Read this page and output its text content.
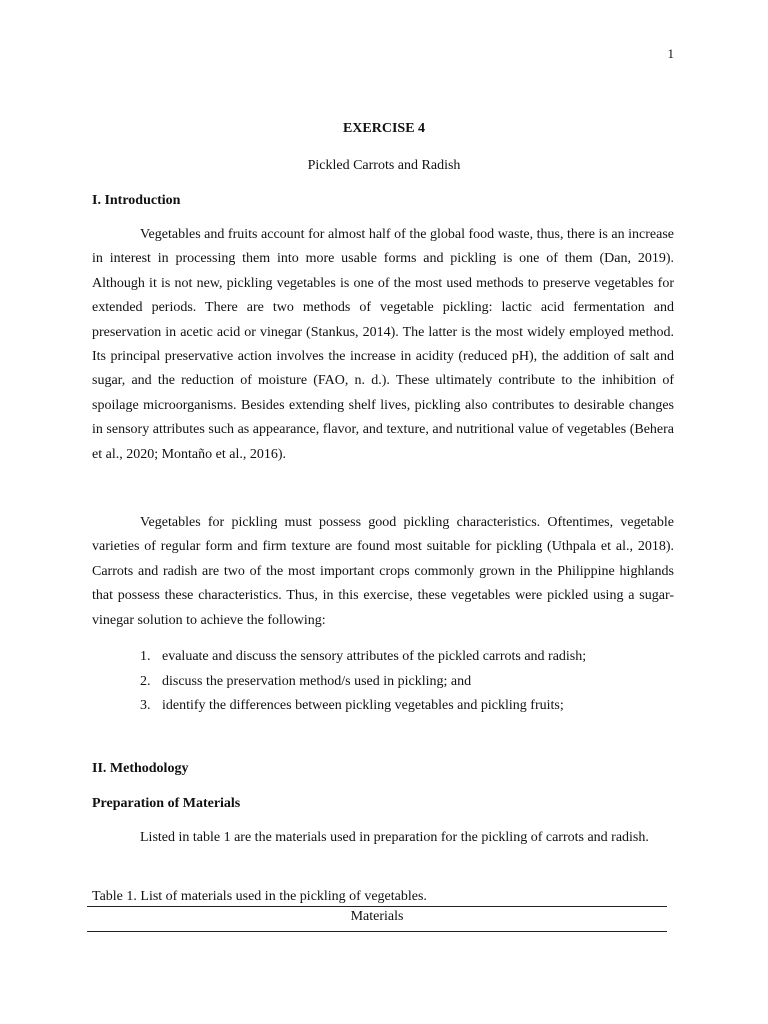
1
EXERCISE 4
Pickled Carrots and Radish
I. Introduction

Vegetables and fruits account for almost half of the global food waste, thus, there is an increase in interest in processing them into more usable forms and pickling is one of them (Dan, 2019). Although it is not new, pickling vegetables is one of the most used methods to preserve vegetables for extended periods. There are two methods of vegetable pickling: lactic acid fermentation and preservation in acetic acid or vinegar (Stankus, 2014). The latter is the most widely employed method. Its principal preservative action involves the increase in acidity (reduced pH), the addition of salt and sugar, and the reduction of moisture (FAO, n. d.). These ultimately contribute to the inhibition of spoilage microorganisms. Besides extending shelf lives, pickling also contributes to desirable changes in sensory attributes such as appearance, flavor, and texture, and nutritional value of vegetables (Behera et al., 2020; Montaño et al., 2016).

Vegetables for pickling must possess good pickling characteristics. Oftentimes, vegetable varieties of regular form and firm texture are found most suitable for pickling (Uthpala et al., 2018). Carrots and radish are two of the most important crops commonly grown in the Philippine highlands that possess these characteristics. Thus, in this exercise, these vegetables were pickled using a sugar-vinegar solution to achieve the following:

1. evaluate and discuss the sensory attributes of the pickled carrots and radish;
2. discuss the preservation method/s used in pickling; and
3. identify the differences between pickling vegetables and pickling fruits;
II. Methodology
Preparation of Materials

Listed in table 1 are the materials used in preparation for the pickling of carrots and radish.

Table 1. List of materials used in the pickling of vegetables.
Materials
